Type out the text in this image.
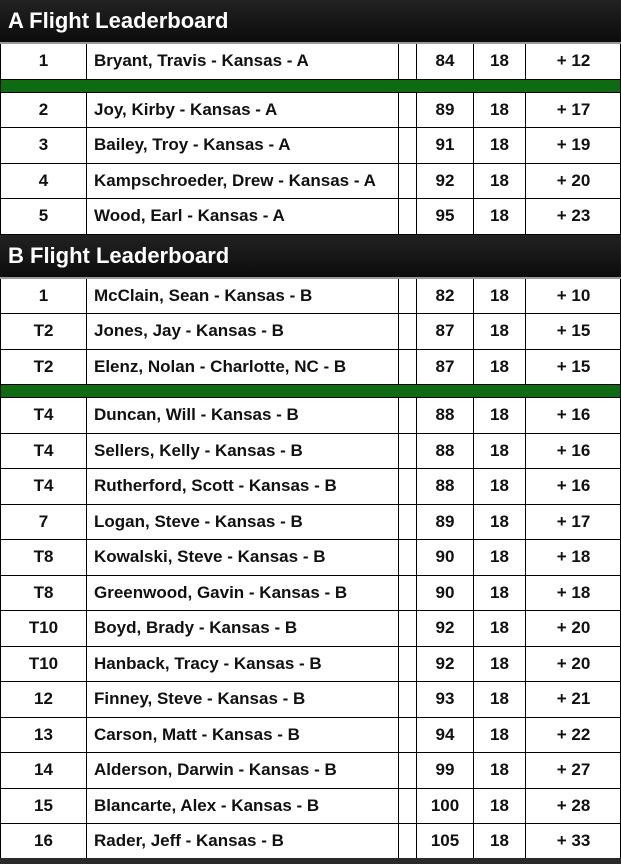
A Flight Leaderboard
1	Bryant, Travis - Kansas - A	84	18	+ 12
2	Joy, Kirby - Kansas - A	89	18	+ 17
3	Bailey, Troy - Kansas - A	91	18	+ 19
4	Kampschroeder, Drew - Kansas - A	92	18	+ 20
5	Wood, Earl - Kansas - A	95	18	+ 23
B Flight Leaderboard
1	McClain, Sean - Kansas - B	82	18	+ 10
T2	Jones, Jay - Kansas - B	87	18	+ 15
T2	Elenz, Nolan - Charlotte, NC - B	87	18	+ 15
T4	Duncan, Will - Kansas - B	88	18	+ 16
T4	Sellers, Kelly - Kansas - B	88	18	+ 16
T4	Rutherford, Scott - Kansas - B	88	18	+ 16
7	Logan, Steve - Kansas - B	89	18	+ 17
T8	Kowalski, Steve - Kansas - B	90	18	+ 18
T8	Greenwood, Gavin - Kansas - B	90	18	+ 18
T10	Boyd, Brady - Kansas - B	92	18	+ 20
T10	Hanback, Tracy - Kansas - B	92	18	+ 20
12	Finney, Steve - Kansas - B	93	18	+ 21
13	Carson, Matt - Kansas - B	94	18	+ 22
14	Alderson, Darwin - Kansas - B	99	18	+ 27
15	Blancarte, Alex - Kansas - B	100	18	+ 28
16	Rader, Jeff - Kansas - B	105	18	+ 33
